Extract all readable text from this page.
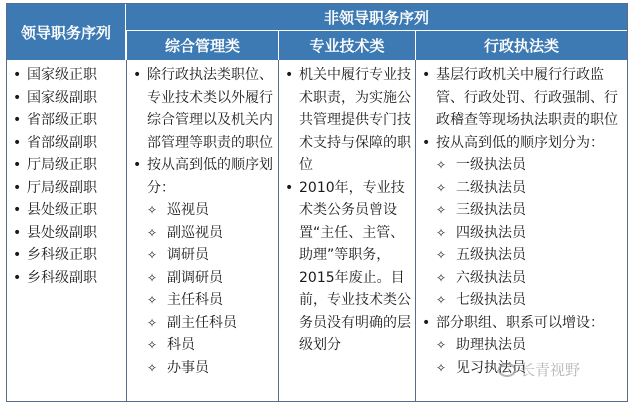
领导职务序列
非领导职务序列
综合管理类	专业技术类	行政执法类
• 国家级正职
• 国家级副职
• 省部级正职
• 省部级副职
• 厅局级正职
• 厅局级副职
• 县处级正职
• 县处级副职
• 乡科级正职
• 乡科级副职
• 除行政执法类职位、专业技术类以外履行综合管理以及机关内部管理等职责的职位
• 按从高到低的顺序划分：
✧ 巡视员
✧ 副巡视员
✧ 调研员
✧ 副调研员
✧ 主任科员
✧ 副主任科员
✧ 科员
✧ 办事员
• 机关中履行专业技术职责，为实施公共管理提供专门技术支持与保障的职位
• 2010年，专业技术类公务员曾设置“主任、主管、助理”等职务，2015年废止。目前，专业技术类公务员没有明确的层级划分
• 基层行政机关中履行行政监管、行政处罚、行政强制、行政稽查等现场执法职责的职位
• 按从高到低的顺序划分为：
✧ 一级执法员
✧ 二级执法员
✧ 三级执法员
✧ 四级执法员
✧ 五级执法员
✧ 六级执法员
✧ 七级执法员
• 部分职组、职系可以增设：
✧ 助理执法员
✧ 见习执法员
长青视野
